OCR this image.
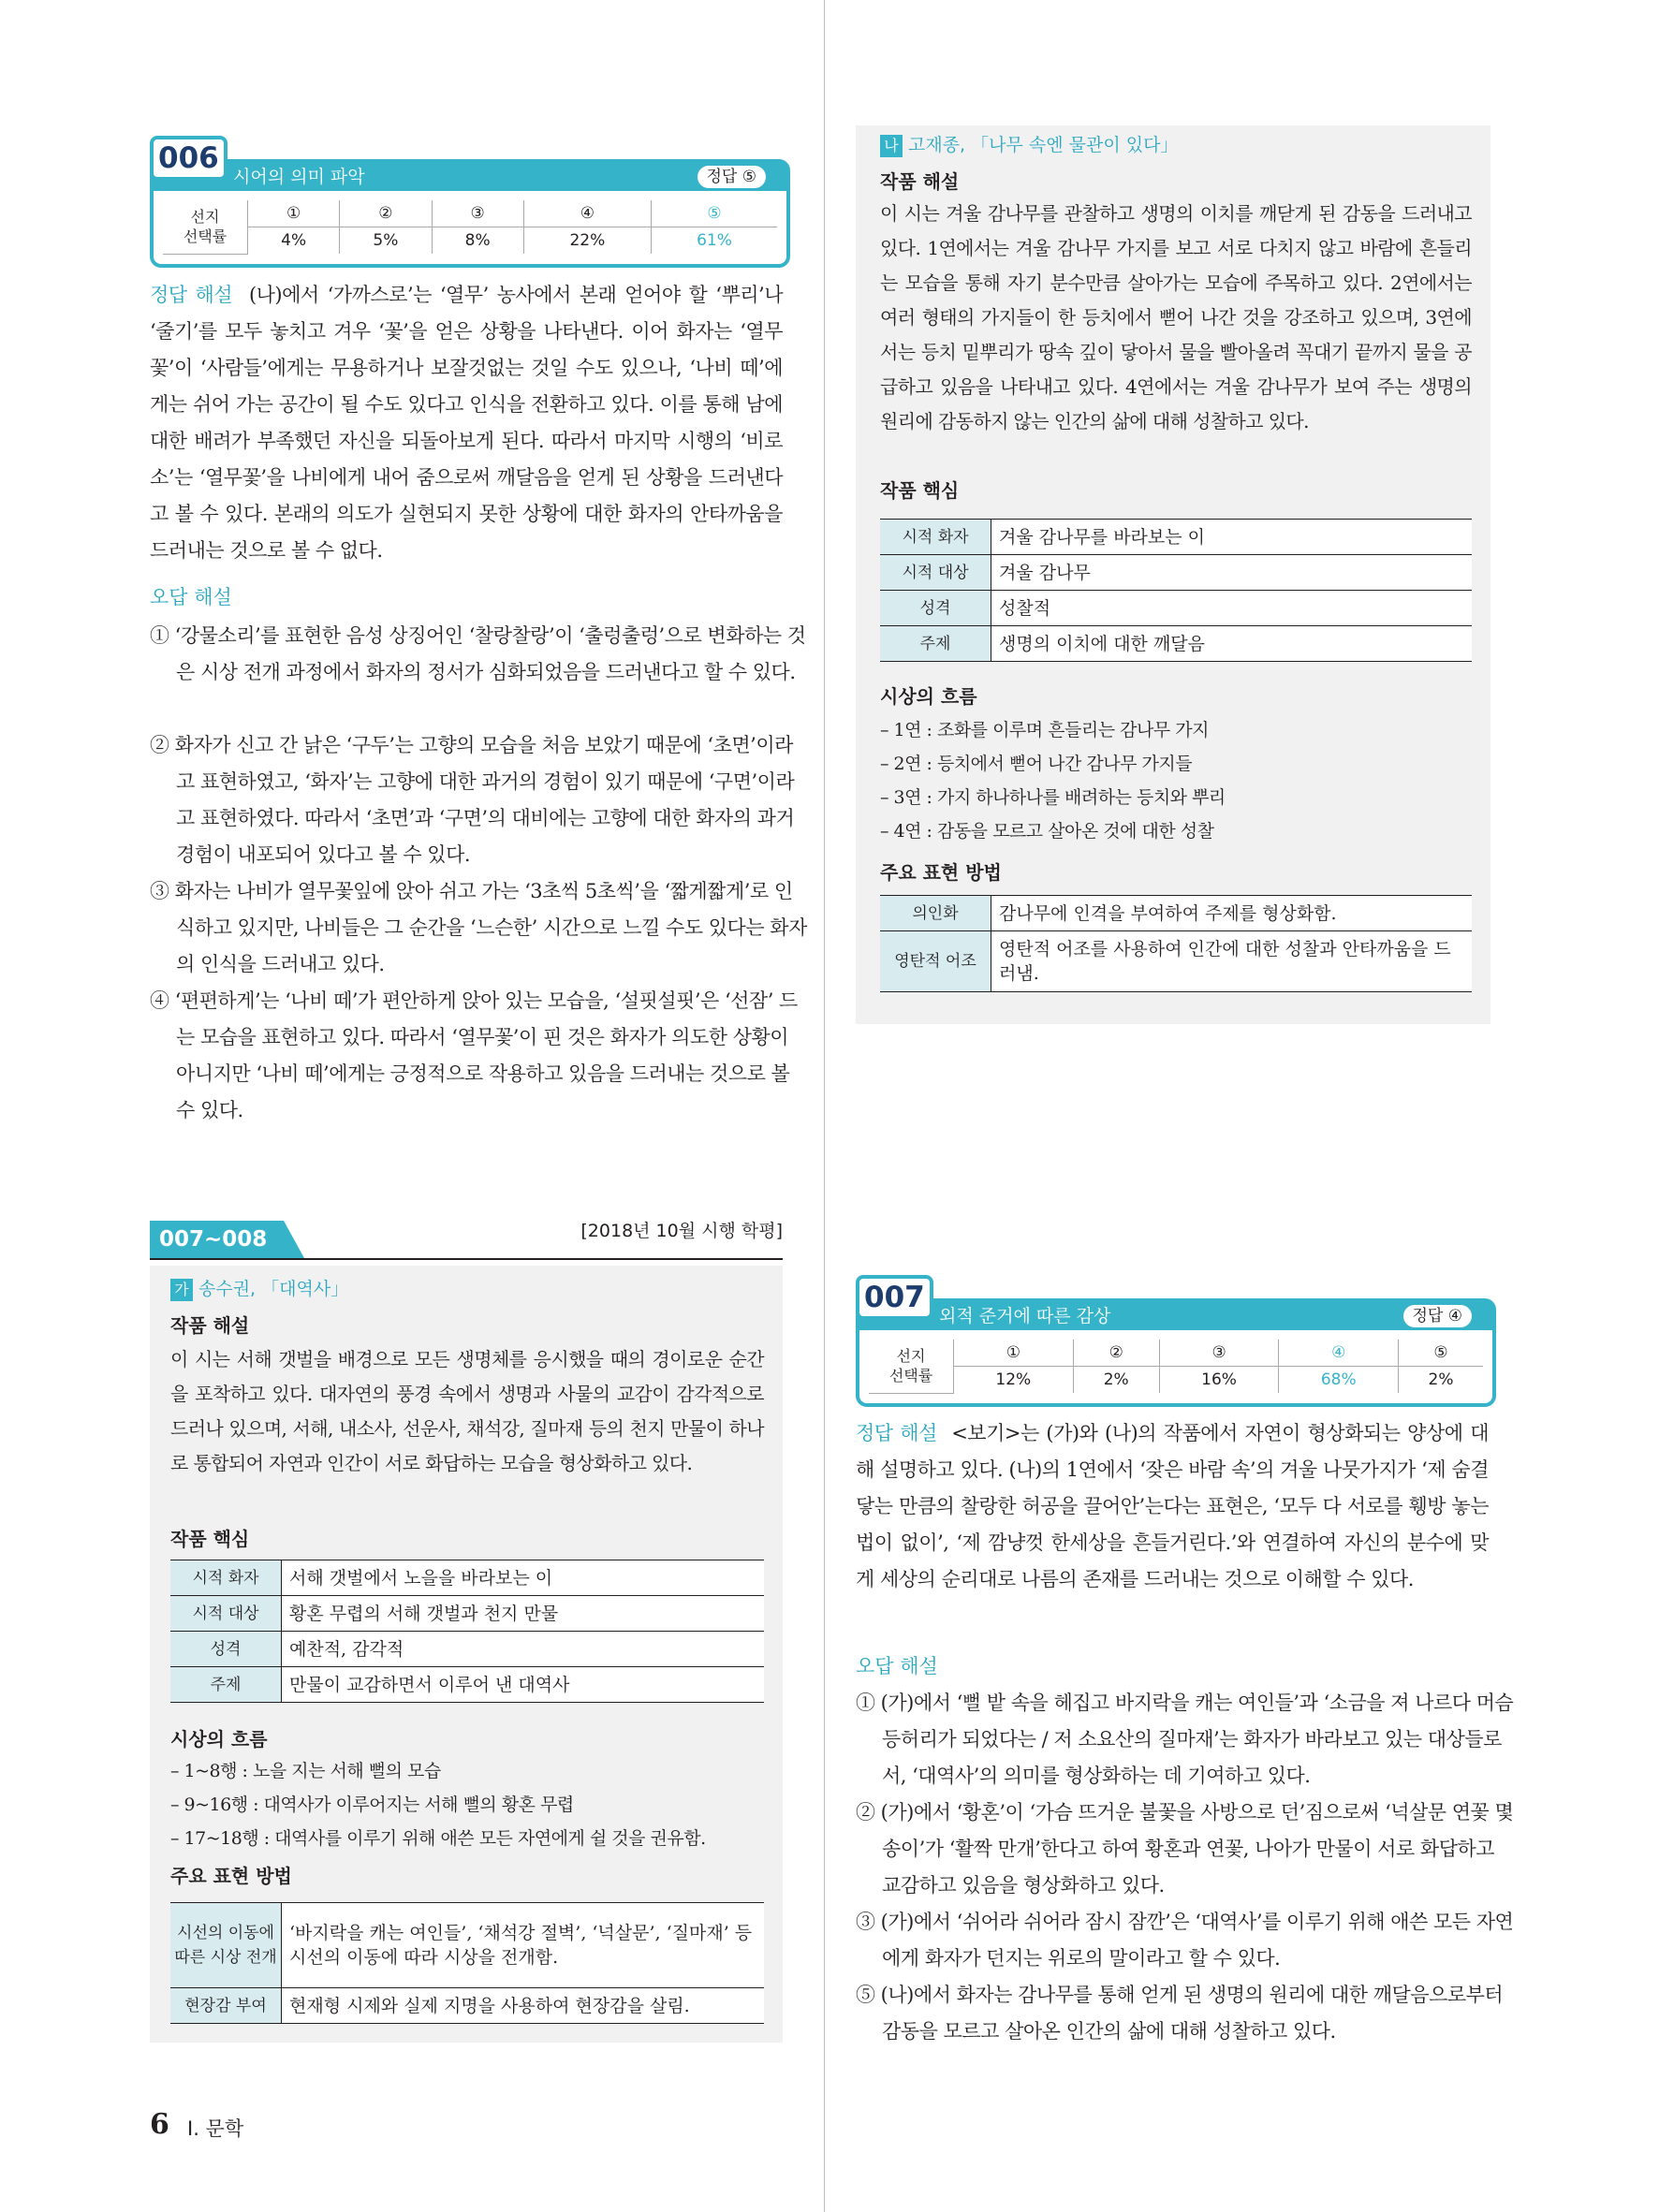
006
시어의 의미 파악	정답 ⑤
선지
선택률	①	②	③	④	⑤
	4%	5%	8%	22%	61%

정답 해설 (나)에서 ‘가까스로’는 ‘열무’ 농사에서 본래 얻어야 할 ‘뿌리’나 ‘줄기’를 모두 놓치고 겨우 ‘꽃’을 얻은 상황을 나타낸다. 이어 화자는 ‘열무꽃’이 ‘사람들’에게는 무용하거나 보잘것없는 것일 수도 있으나, ‘나비 떼’에게는 쉬어 가는 공간이 될 수도 있다고 인식을 전환하고 있다. 이를 통해 남에 대한 배려가 부족했던 자신을 되돌아보게 된다. 따라서 마지막 시행의 ‘비로소’는 ‘열무꽃’을 나비에게 내어 줌으로써 깨달음을 얻게 된 상황을 드러낸다고 볼 수 있다. 본래의 의도가 실현되지 못한 상황에 대한 화자의 안타까움을 드러내는 것으로 볼 수 없다.

오답 해설

① ‘강물소리’를 표현한 음성 상징어인 ‘찰랑찰랑’이 ‘출렁출렁’으로 변화하는 것은 시상 전개 과정에서 화자의 정서가 심화되었음을 드러낸다고 할 수 있다.

② 화자가 신고 간 낡은 ‘구두’는 고향의 모습을 처음 보았기 때문에 ‘초면’이라고 표현하였고, ‘화자’는 고향에 대한 과거의 경험이 있기 때문에 ‘구면’이라고 표현하였다. 따라서 ‘초면’과 ‘구면’의 대비에는 고향에 대한 화자의 과거 경험이 내포되어 있다고 볼 수 있다.

③ 화자는 나비가 열무꽃잎에 앉아 쉬고 가는 ‘3초씩 5초씩’을 ‘짧게짧게’로 인식하고 있지만, 나비들은 그 순간을 ‘느슨한’ 시간으로 느낄 수도 있다는 화자의 인식을 드러내고 있다.

④ ‘편편하게’는 ‘나비 떼’가 편안하게 앉아 있는 모습을, ‘설핏설핏’은 ‘선잠’ 드는 모습을 표현하고 있다. 따라서 ‘열무꽃’이 핀 것은 화자가 의도한 상황이 아니지만 ‘나비 떼’에게는 긍정적으로 작용하고 있음을 드러내는 것으로 볼 수 있다.

나 고재종, 「나무 속엔 물관이 있다」
작품 해설

이 시는 겨울 감나무를 관찰하고 생명의 이치를 깨닫게 된 감동을 드러내고 있다. 1연에서는 겨울 감나무 가지를 보고 서로 다치지 않고 바람에 흔들리는 모습을 통해 자기 분수만큼 살아가는 모습에 주목하고 있다. 2연에서는 여러 형태의 가지들이 한 등치에서 뻗어 나간 것을 강조하고 있으며, 3연에서는 등치 밑뿌리가 땅속 깊이 닿아서 물을 빨아올려 꼭대기 끝까지 물을 공급하고 있음을 나타내고 있다. 4연에서는 겨울 감나무가 보여 주는 생명의 원리에 감동하지 않는 인간의 삶에 대해 성찰하고 있다.

작품 핵심
시적 화자	겨울 감나무를 바라보는 이
시적 대상	겨울 감나무
성격	성찰적
주제	생명의 이치에 대한 깨달음
시상의 흐름
– 1연 : 조화를 이루며 흔들리는 감나무 가지
– 2연 : 등치에서 뻗어 나간 감나무 가지들
– 3연 : 가지 하나하나를 배려하는 등치와 뿌리
– 4연 : 감동을 모르고 살아온 것에 대한 성찰
주요 표현 방법
의인화	감나무에 인격을 부여하여 주제를 형상화함.
영탄적 어조	영탄적 어조를 사용하여 인간에 대한 성찰과 안타까움을 드러냄.
007~008	[2018년 10월 시행 학평]
가 송수권, 「대역사」
작품 해설

이 시는 서해 갯벌을 배경으로 모든 생명체를 응시했을 때의 경이로운 순간을 포착하고 있다. 대자연의 풍경 속에서 생명과 사물의 교감이 감각적으로 드러나 있으며, 서해, 내소사, 선운사, 채석강, 질마재 등의 천지 만물이 하나로 통합되어 자연과 인간이 서로 화답하는 모습을 형상화하고 있다.

작품 핵심
시적 화자	서해 갯벌에서 노을을 바라보는 이
시적 대상	황혼 무렵의 서해 갯벌과 천지 만물
성격	예찬적, 감각적
주제	만물이 교감하면서 이루어 낸 대역사
시상의 흐름
– 1~8행 : 노을 지는 서해 뻘의 모습
– 9~16행 : 대역사가 이루어지는 서해 뻘의 황혼 무렵
– 17~18행 : 대역사를 이루기 위해 애쓴 모든 자연에게 쉴 것을 권유함.
주요 표현 방법
시선의 이동에 따른 시상 전개	‘바지락을 캐는 여인들’, ‘채석강 절벽’, ‘넉살문’, ‘질마재’ 등 시선의 이동에 따라 시상을 전개함.
현장감 부여	현재형 시제와 실제 지명을 사용하여 현장감을 살림.
007
외적 준거에 따른 감상	정답 ④
선지
선택률	①	②	③	④	⑤
	12%	2%	16%	68%	2%

정답 해설 <보기>는 (가)와 (나)의 작품에서 자연이 형상화되는 양상에 대해 설명하고 있다. (나)의 1연에서 ‘잦은 바람 속’의 겨울 나뭇가지가 ‘제 숨결 닿는 만큼의 찰랑한 허공을 끌어안’는다는 표현은, ‘모두 다 서로를 휑방 놓는 법이 없이’, ‘제 깜냥껏 한세상을 흔들거린다.’와 연결하여 자신의 분수에 맞게 세상의 순리대로 나름의 존재를 드러내는 것으로 이해할 수 있다.

오답 해설

① (가)에서 ‘뻘 밭 속을 헤집고 바지락을 캐는 여인들’과 ‘소금을 져 나르다 머슴 등허리가 되었다는 / 저 소요산의 질마재’는 화자가 바라보고 있는 대상들로서, ‘대역사’의 의미를 형상화하는 데 기여하고 있다.

② (가)에서 ‘황혼’이 ‘가슴 뜨거운 불꽃을 사방으로 던’짐으로써 ‘넉살문 연꽃 몇 송이’가 ‘활짝 만개’한다고 하여 황혼과 연꽃, 나아가 만물이 서로 화답하고 교감하고 있음을 형상화하고 있다.

③ (가)에서 ‘쉬어라 쉬어라 잠시 잠깐’은 ‘대역사’를 이루기 위해 애쓴 모든 자연에게 화자가 던지는 위로의 말이라고 할 수 있다.

⑤ (나)에서 화자는 감나무를 통해 얻게 된 생명의 원리에 대한 깨달음으로부터 감동을 모르고 살아온 인간의 삶에 대해 성찰하고 있다.

6 Ⅰ. 문학
